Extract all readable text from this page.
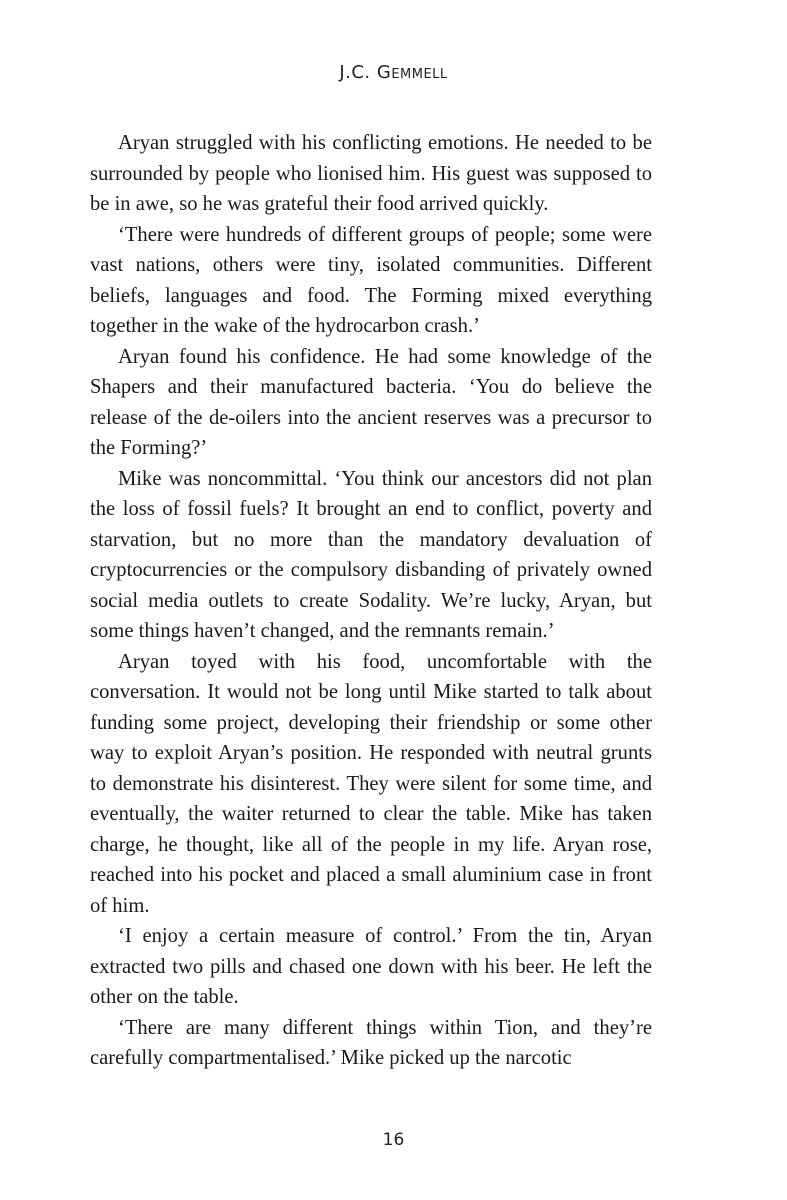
J.C. Gemmell

Aryan struggled with his conflicting emotions. He needed to be surrounded by people who lionised him. His guest was supposed to be in awe, so he was grateful their food arrived quickly.

‘There were hundreds of different groups of people; some were vast nations, others were tiny, isolated communities. Different beliefs, languages and food. The Forming mixed everything together in the wake of the hydrocarbon crash.’

Aryan found his confidence. He had some knowledge of the Shapers and their manufactured bacteria. ‘You do believe the release of the de-oilers into the ancient reserves was a precursor to the Forming?’

Mike was noncommittal. ‘You think our ancestors did not plan the loss of fossil fuels? It brought an end to conflict, poverty and starvation, but no more than the mandatory devaluation of cryptocurrencies or the compulsory disbanding of privately owned social media outlets to create Sodality. We’re lucky, Aryan, but some things haven’t changed, and the remnants remain.’

Aryan toyed with his food, uncomfortable with the conversation. It would not be long until Mike started to talk about funding some project, developing their friendship or some other way to exploit Aryan’s position. He responded with neutral grunts to demonstrate his disinterest. They were silent for some time, and eventually, the waiter returned to clear the table. Mike has taken charge, he thought, like all of the people in my life. Aryan rose, reached into his pocket and placed a small aluminium case in front of him.

‘I enjoy a certain measure of control.’ From the tin, Aryan extracted two pills and chased one down with his beer. He left the other on the table.

‘There are many different things within Tion, and they’re carefully compartmentalised.’ Mike picked up the narcotic

16
